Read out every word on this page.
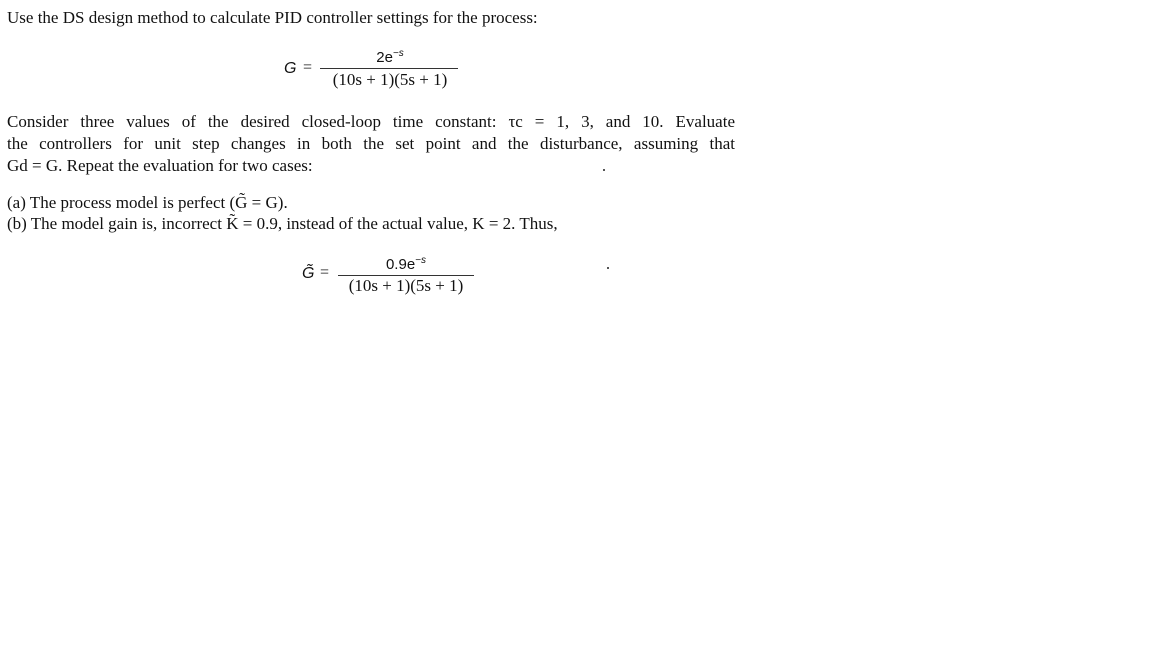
Use the DS design method to calculate PID controller settings for the process:
G =
$2e^{-s}$
(10s + 1)(5s + 1)
Consider three values of the desired closed-loop time constant: τc = 1, 3, and 10. Evaluate
the controllers for unit step changes in both the set point and the disturbance, assuming that
Gd = G. Repeat the evaluation for two cases:
(a) The process model is perfect (G̃ = G).
(b) The model gain is, incorrect K̃ = 0.9, instead of the actual value, K = 2. Thus,
G̃ =	$0.9e^{-s}$
(10s + 1)(5s + 1)
